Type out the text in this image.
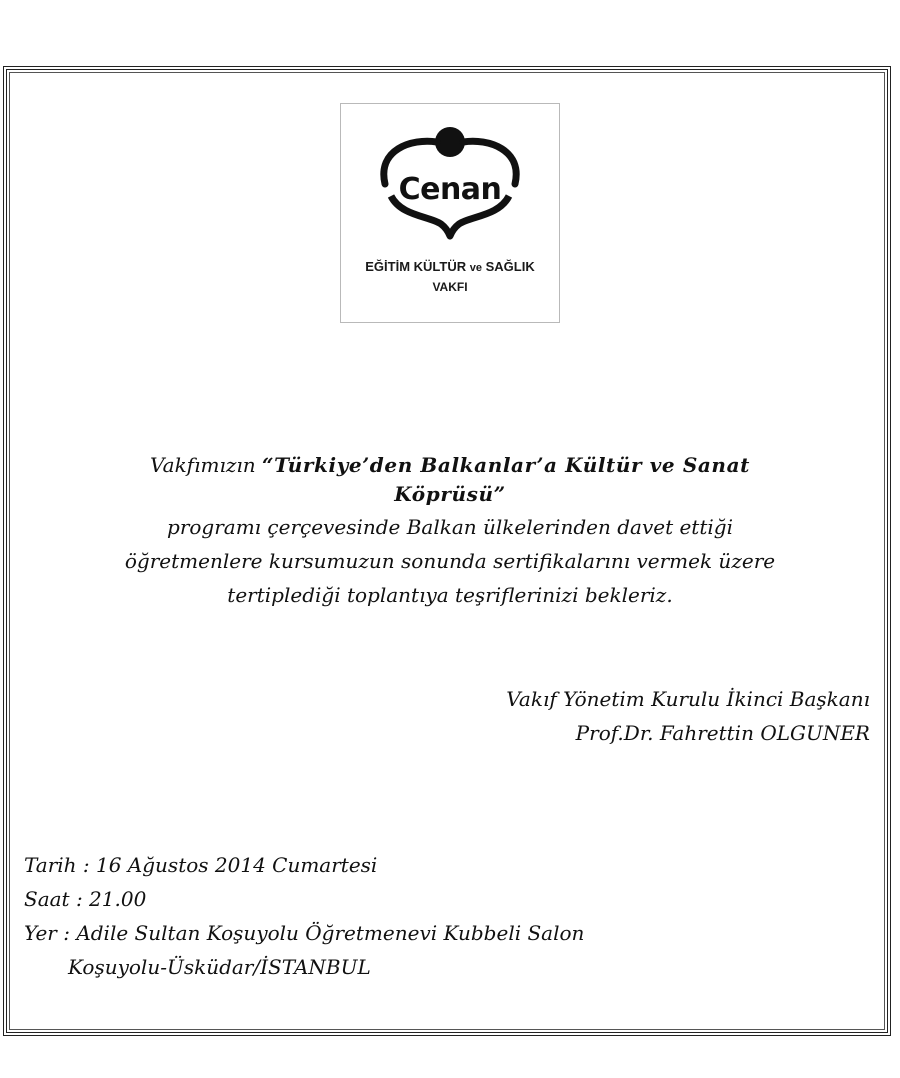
Cenan
EĞİTİM KÜLTÜR ve SAĞLIK
VAKFI
Vakfımızın “Türkiye’den Balkanlar’a Kültür ve Sanat
Köprüsü”
programı çerçevesinde Balkan ülkelerinden davet ettiği
öğretmenlere kursumuzun sonunda sertifikalarını vermek üzere
tertiplediği toplantıya teşriflerinizi bekleriz.
Vakıf Yönetim Kurulu İkinci Başkanı
Prof.Dr. Fahrettin OLGUNER
Tarih : 16 Ağustos 2014 Cumartesi
Saat : 21.00
Yer : Adile Sultan Koşuyolu Öğretmenevi Kubbeli Salon
Koşuyolu-Üsküdar/İSTANBUL
